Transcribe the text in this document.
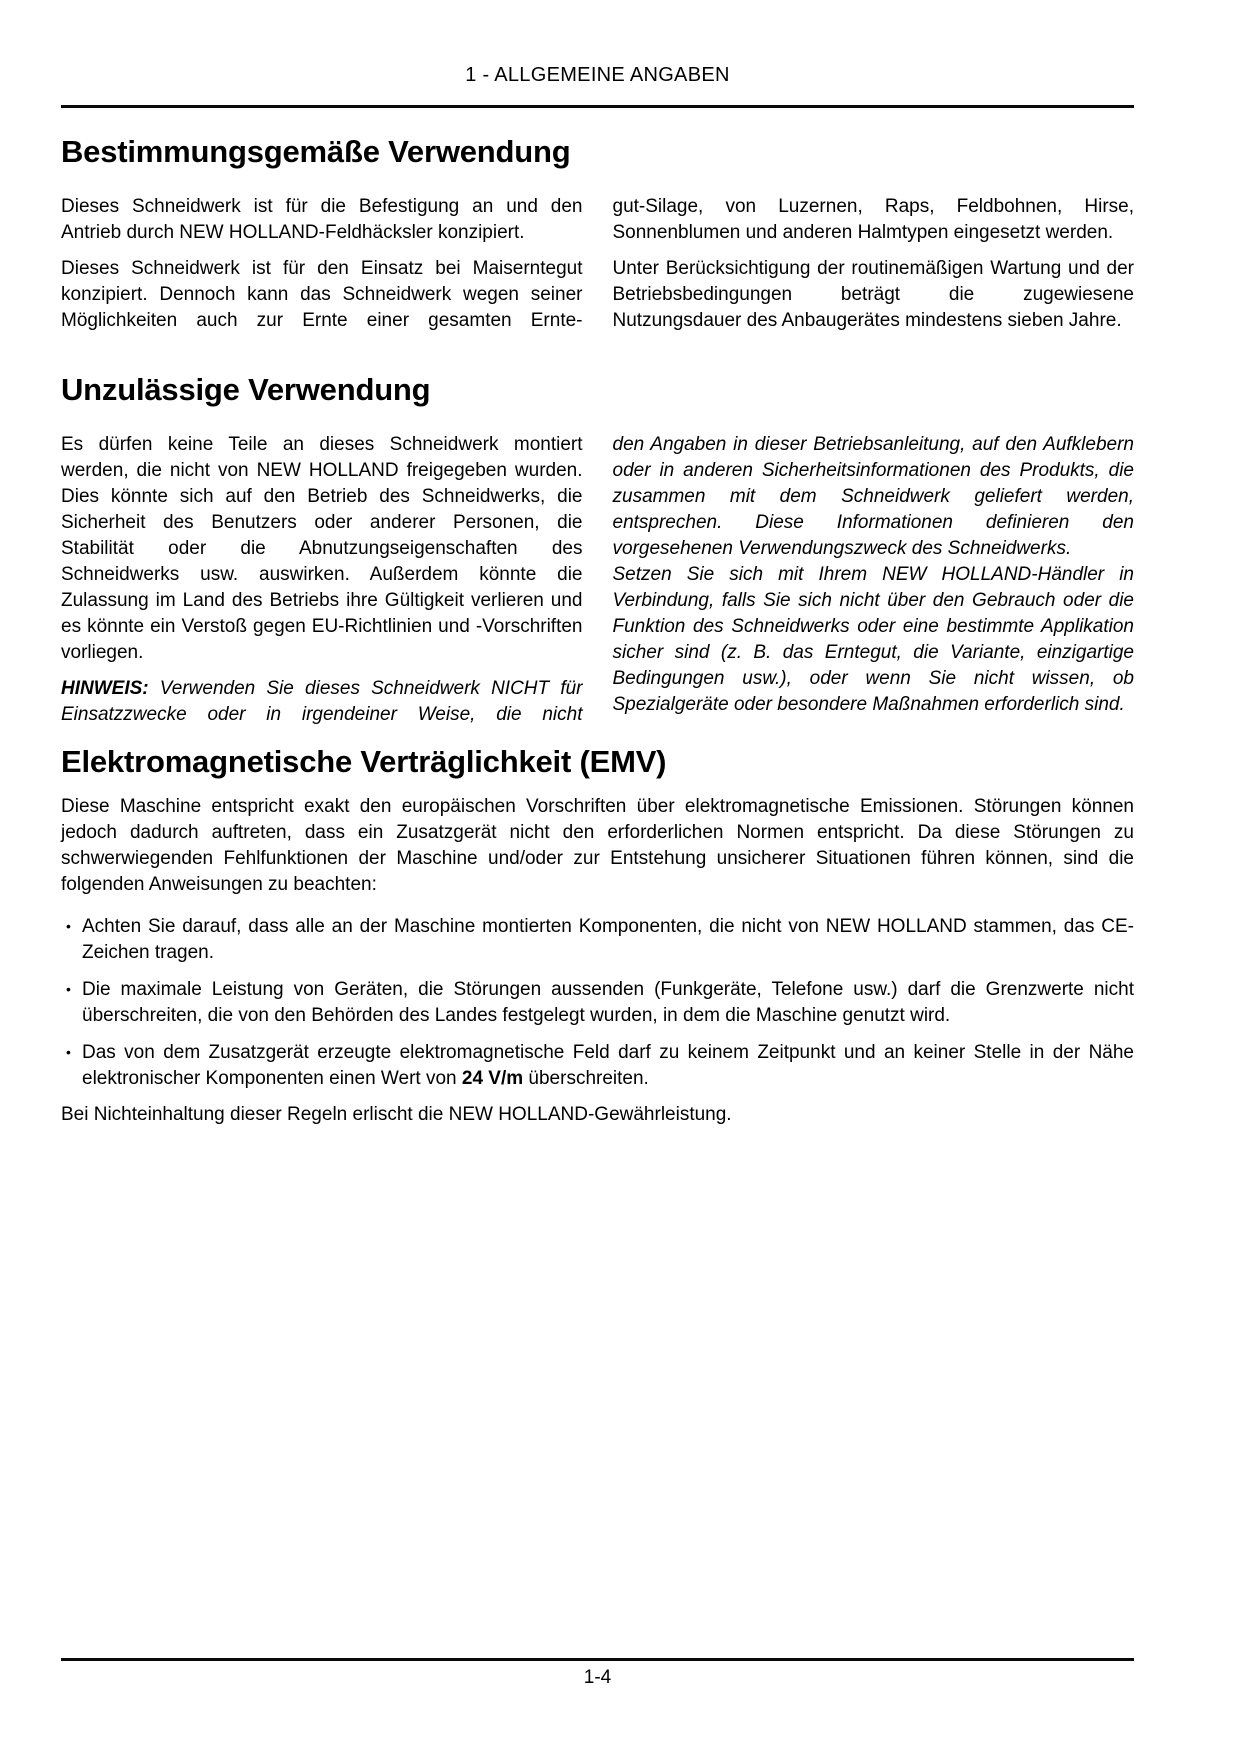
1 - ALLGEMEINE ANGABEN
Bestimmungsgemäße Verwendung

Dieses Schneidwerk ist für die Befestigung an und den Antrieb durch NEW HOLLAND-Feldhäcksler konzipiert.

Dieses Schneidwerk ist für den Einsatz bei Maiserntegut konzipiert. Dennoch kann das Schneidwerk wegen seiner Möglichkeiten auch zur Ernte einer gesamten Ernte-

gut-Silage, von Luzernen, Raps, Feldbohnen, Hirse, Sonnenblumen und anderen Halmtypen eingesetzt werden.

Unter Berücksichtigung der routinemäßigen Wartung und der Betriebsbedingungen beträgt die zugewiesene Nutzungsdauer des Anbaugerätes mindestens sieben Jahre.

Unzulässige Verwendung

Es dürfen keine Teile an dieses Schneidwerk montiert werden, die nicht von NEW HOLLAND freigegeben wurden. Dies könnte sich auf den Betrieb des Schneidwerks, die Sicherheit des Benutzers oder anderer Personen, die Stabilität oder die Abnutzungseigenschaften des Schneidwerks usw. auswirken. Außerdem könnte die Zulassung im Land des Betriebs ihre Gültigkeit verlieren und es könnte ein Verstoß gegen EU-Richtlinien und -Vorschriften vorliegen.

HINWEIS: Verwenden Sie dieses Schneidwerk NICHT für Einsatzzwecke oder in irgendeiner Weise, die nicht

den Angaben in dieser Betriebsanleitung, auf den Aufklebern oder in anderen Sicherheitsinformationen des Produkts, die zusammen mit dem Schneidwerk geliefert werden, entsprechen. Diese Informationen definieren den vorgesehenen Verwendungszweck des Schneidwerks.

Setzen Sie sich mit Ihrem NEW HOLLAND-Händler in Verbindung, falls Sie sich nicht über den Gebrauch oder die Funktion des Schneidwerks oder eine bestimmte Applikation sicher sind (z. B. das Erntegut, die Variante, einzigartige Bedingungen usw.), oder wenn Sie nicht wissen, ob Spezialgeräte oder besondere Maßnahmen erforderlich sind.

Elektromagnetische Verträglichkeit (EMV)

Diese Maschine entspricht exakt den europäischen Vorschriften über elektromagnetische Emissionen. Störungen können jedoch dadurch auftreten, dass ein Zusatzgerät nicht den erforderlichen Normen entspricht. Da diese Störungen zu schwerwiegenden Fehlfunktionen der Maschine und/oder zur Entstehung unsicherer Situationen führen können, sind die folgenden Anweisungen zu beachten:

• Achten Sie darauf, dass alle an der Maschine montierten Komponenten, die nicht von NEW HOLLAND stammen, das CE-Zeichen tragen.
• Die maximale Leistung von Geräten, die Störungen aussenden (Funkgeräte, Telefone usw.) darf die Grenzwerte nicht überschreiten, die von den Behörden des Landes festgelegt wurden, in dem die Maschine genutzt wird.
• Das von dem Zusatzgerät erzeugte elektromagnetische Feld darf zu keinem Zeitpunkt und an keiner Stelle in der Nähe elektronischer Komponenten einen Wert von 24 V/m überschreiten.

Bei Nichteinhaltung dieser Regeln erlischt die NEW HOLLAND-Gewährleistung.

1-4
